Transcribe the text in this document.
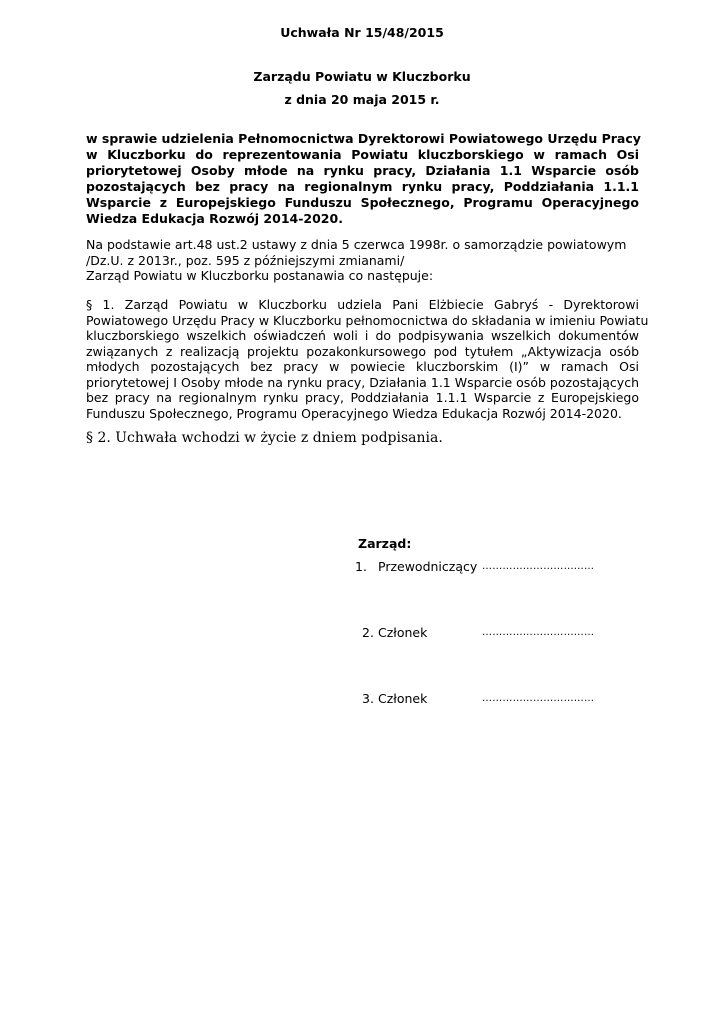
Uchwała Nr 15/48/2015
Zarządu Powiatu w Kluczborku
z dnia 20 maja 2015 r.
w sprawie udzielenia Pełnomocnictwa Dyrektorowi Powiatowego Urzędu Pracy
w Kluczborku do reprezentowania Powiatu kluczborskiego w ramach Osi
priorytetowej Osoby młode na rynku pracy, Działania 1.1 Wsparcie osób
pozostających bez pracy na regionalnym rynku pracy, Poddziałania 1.1.1
Wsparcie z Europejskiego Funduszu Społecznego, Programu Operacyjnego
Wiedza Edukacja Rozwój 2014-2020.
Na podstawie art.48 ust.2 ustawy z dnia 5 czerwca 1998r. o samorządzie powiatowym
/Dz.U. z 2013r., poz. 595 z późniejszymi zmianami/
Zarząd Powiatu w Kluczborku postanawia co następuje:
§ 1. Zarząd Powiatu w Kluczborku udziela Pani Elżbiecie Gabryś - Dyrektorowi
Powiatowego Urzędu Pracy w Kluczborku pełnomocnictwa do składania w imieniu Powiatu
kluczborskiego wszelkich oświadczeń woli i do podpisywania wszelkich dokumentów
związanych z realizacją projektu pozakonkursowego pod tytułem „Aktywizacja osób
młodych pozostających bez pracy w powiecie kluczborskim (I)” w ramach Osi
priorytetowej I Osoby młode na rynku pracy, Działania 1.1 Wsparcie osób pozostających
bez pracy na regionalnym rynku pracy, Poddziałania 1.1.1 Wsparcie z Europejskiego
Funduszu Społecznego, Programu Operacyjnego Wiedza Edukacja Rozwój 2014-2020.
§ 2. Uchwała wchodzi w życie z dniem podpisania.
Zarząd:
1. Przewodniczący ……………………………
2. Członek	……………………………
3. Członek	……………………………
